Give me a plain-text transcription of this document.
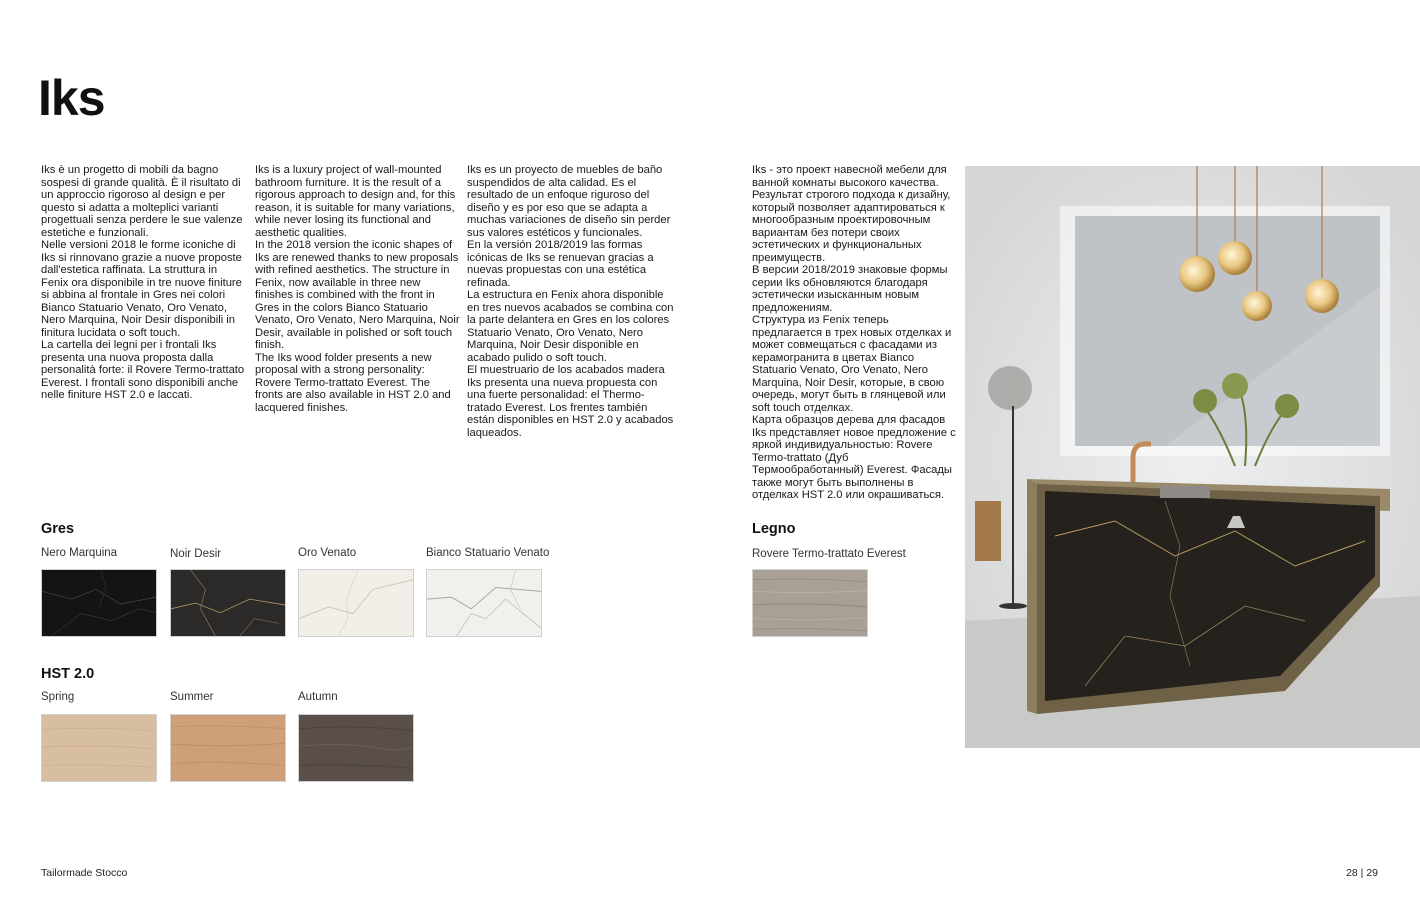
Iks

Iks è un progetto di mobili da bagno sospesi di grande qualità. È il risultato di un approccio rigoroso al design e per questo si adatta a molteplici varianti progettuali senza perdere le sue valenze estetiche e funzionali.

Nelle versioni 2018 le forme iconiche di Iks si rinnovano grazie a nuove proposte dall'estetica raffinata. La struttura in Fenix ora disponibile in tre nuove finiture si abbina al frontale in Gres nei colori Bianco Statuario Venato, Oro Venato, Nero Marquina, Noir Desir disponibili in finitura lucidata o soft touch.

La cartella dei legni per i frontali Iks presenta una nuova proposta dalla personalità forte: il Rovere Termo-trattato Everest. I frontali sono disponibili anche nelle finiture HST 2.0 e laccati.

Iks is a luxury project of wall-mounted bathroom furniture. It is the result of a rigorous approach to design and, for this reason, it is suitable for many variations, while never losing its functional and aesthetic qualities.

In the 2018 version the iconic shapes of Iks are renewed thanks to new proposals with refined aesthetics. The structure in Fenix, now available in three new finishes is combined with the front in Gres in the colors Bianco Statuario Venato, Oro Venato, Nero Marquina, Noir Desir, available in polished or soft touch finish.

The Iks wood folder presents a new proposal with a strong personality: Rovere Termo-trattato Everest. The fronts are also available in HST 2.0 and lacquered finishes.

Iks es un proyecto de muebles de baño suspendidos de alta calidad. Es el resultado de un enfoque riguroso del diseño y es por eso que se adapta a muchas variaciones de diseño sin perder sus valores estéticos y funcionales.

En la versión 2018/2019 las formas icónicas de Iks se renuevan gracias a nuevas propuestas con una estética refinada.

La estructura en Fenix ahora disponible en tres nuevos acabados se combina con la parte delantera en Gres en los colores Statuario Venato, Oro Venato, Nero Marquina, Noir Desir disponible en acabado pulido o soft touch.

El muestruario de los acabados madera Iks presenta una nueva propuesta con una fuerte personalidad: el Thermo-tratado Everest. Los frentes también están disponibles en HST 2.0 y acabados laqueados.

Iks - это проект навесной мебели для ванной комнаты высокого качества. Результат строгого подхода к дизайну, который позволяет адаптироваться к многообразным проектировочным вариантам без потери своих эстетических и функциональных преимуществ.

В версии 2018/2019 знаковые формы серии Iks обновляются благодаря эстетически изысканным новым предложениям.

Структура из Fenix теперь предлагается в трех новых отделках и может совмещаться с фасадами из керамогранита в цветах Bianco Statuario Venato, Oro Venato, Nero Marquina, Noir Desir, которые, в свою очередь, могут быть в глянцевой или soft touch отделках.

Карта образцов дерева для фасадов Iks представляет новое предложение с яркой индивидуальностью: Rovere Termo-trattato (Дуб Термообработанный) Everest. Фасады также могут быть выполнены в отделках HST 2.0 или окрашиваться.

Gres
Nero Marquina	Noir Desir	Oro Venato	Bianco Statuario Venato
HST 2.0
Spring	Summer	Autumn
Legno
Rovere Termo-trattato Everest
Tailormade Stocco	28 | 29
